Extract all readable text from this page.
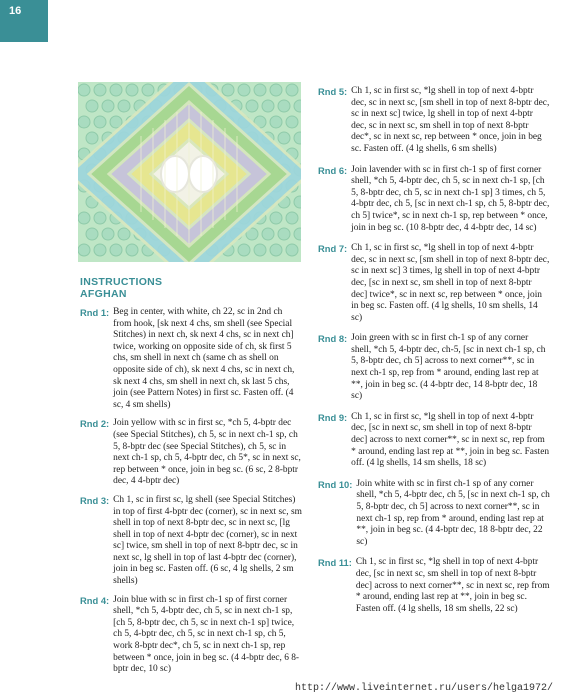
16
INSTRUCTIONS
AFGHAN
Rnd 1: Beg in center, with white, ch 22, sc in 2nd ch from hook, [sk next 4 chs, sm shell (see Special Stitches) in next ch, sk next 4 chs, sc in next ch] twice, working on opposite side of ch, sk first 5 chs, sm shell in next ch (same ch as shell on opposite side of ch), sk next 4 chs, sc in next ch, sk next 4 chs, sm shell in next ch, sk last 5 chs, join (see Pattern Notes) in first sc. Fasten off. (4 sc, 4 sm shells)
Rnd 2: Join yellow with sc in first sc, *ch 5, 4-bptr dec (see Special Stitches), ch 5, sc in next ch-1 sp, ch 5, 8-bptr dec (see Special Stitches), ch 5, sc in next ch-1 sp, ch 5, 4-bptr dec, ch 5*, sc in next sc, rep between * once, join in beg sc. (6 sc, 2 8-bptr dec, 4 4-bptr dec)
Rnd 3: Ch 1, sc in first sc, lg shell (see Special Stitches) in top of first 4-bptr dec (corner), sc in next sc, sm shell in top of next 8-bptr dec, sc in next sc, [lg shell in top of next 4-bptr dec (corner), sc in next sc] twice, sm shell in top of next 8-bptr dec, sc in next sc, lg shell in top of last 4-bptr dec (corner), join in beg sc. Fasten off. (6 sc, 4 lg shells, 2 sm shells)
Rnd 4: Join blue with sc in first ch-1 sp of first corner shell, *ch 5, 4-bptr dec, ch 5, sc in next ch-1 sp, [ch 5, 8-bptr dec, ch 5, sc in next ch-1 sp] twice, ch 5, 4-bptr dec, ch 5, sc in next ch-1 sp, ch 5, work 8-bptr dec*, ch 5, sc in next ch-1 sp, rep between * once, join in beg sc. (4 4-bptr dec, 6 8-bptr dec, 10 sc)
Rnd 5: Ch 1, sc in first sc, *lg shell in top of next 4-bptr dec, sc in next sc, [sm shell in top of next 8-bptr dec, sc in next sc] twice, lg shell in top of next 4-bptr dec, sc in next sc, sm shell in top of next 8-bptr dec*, sc in next sc, rep between * once, join in beg sc. Fasten off. (4 lg shells, 6 sm shells)
Rnd 6: Join lavender with sc in first ch-1 sp of first corner shell, *ch 5, 4-bptr dec, ch 5, sc in next ch-1 sp, [ch 5, 8-bptr dec, ch 5, sc in next ch-1 sp] 3 times, ch 5, 4-bptr dec, ch 5, [sc in next ch-1 sp, ch 5, 8-bptr dec, ch 5] twice*, sc in next ch-1 sp, rep between * once, join in beg sc. (10 8-bptr dec, 4 4-bptr dec, 14 sc)
Rnd 7: Ch 1, sc in first sc, *lg shell in top of next 4-bptr dec, sc in next sc, [sm shell in top of next 8-bptr dec, sc in next sc] 3 times, lg shell in top of next 4-bptr dec, [sc in next sc, sm shell in top of next 8-bptr dec] twice*, sc in next sc, rep between * once, join in beg sc. Fasten off. (4 lg shells, 10 sm shells, 14 sc)
Rnd 8: Join green with sc in first ch-1 sp of any corner shell, *ch 5, 4-bptr dec, ch-5, [sc in next ch-1 sp, ch 5, 8-bptr dec, ch 5] across to next corner**, sc in next ch-1 sp, rep from * around, ending last rep at **, join in beg sc. (4 4-bptr dec, 14 8-bptr dec, 18 sc)
Rnd 9: Ch 1, sc in first sc, *lg shell in top of next 4-bptr dec, [sc in next sc, sm shell in top of next 8-bptr dec] across to next corner**, sc in next sc, rep from * around, ending last rep at **, join in beg sc. Fasten off. (4 lg shells, 14 sm shells, 18 sc)
Rnd 10: Join white with sc in first ch-1 sp of any corner shell, *ch 5, 4-bptr dec, ch 5, [sc in next ch-1 sp, ch 5, 8-bptr dec, ch 5] across to next corner**, sc in next ch-1 sp, rep from * around, ending last rep at **, join in beg sc. (4 4-bptr dec, 18 8-bptr dec, 22 sc)
Rnd 11: Ch 1, sc in first sc, *lg shell in top of next 4-bptr dec, [sc in next sc, sm shell in top of next 8-bptr dec] across to next corner**, sc in next sc, rep from * around, ending last rep at **, join in beg sc. Fasten off. (4 lg shells, 18 sm shells, 22 sc)
http://www.liveinternet.ru/users/helga1972/
